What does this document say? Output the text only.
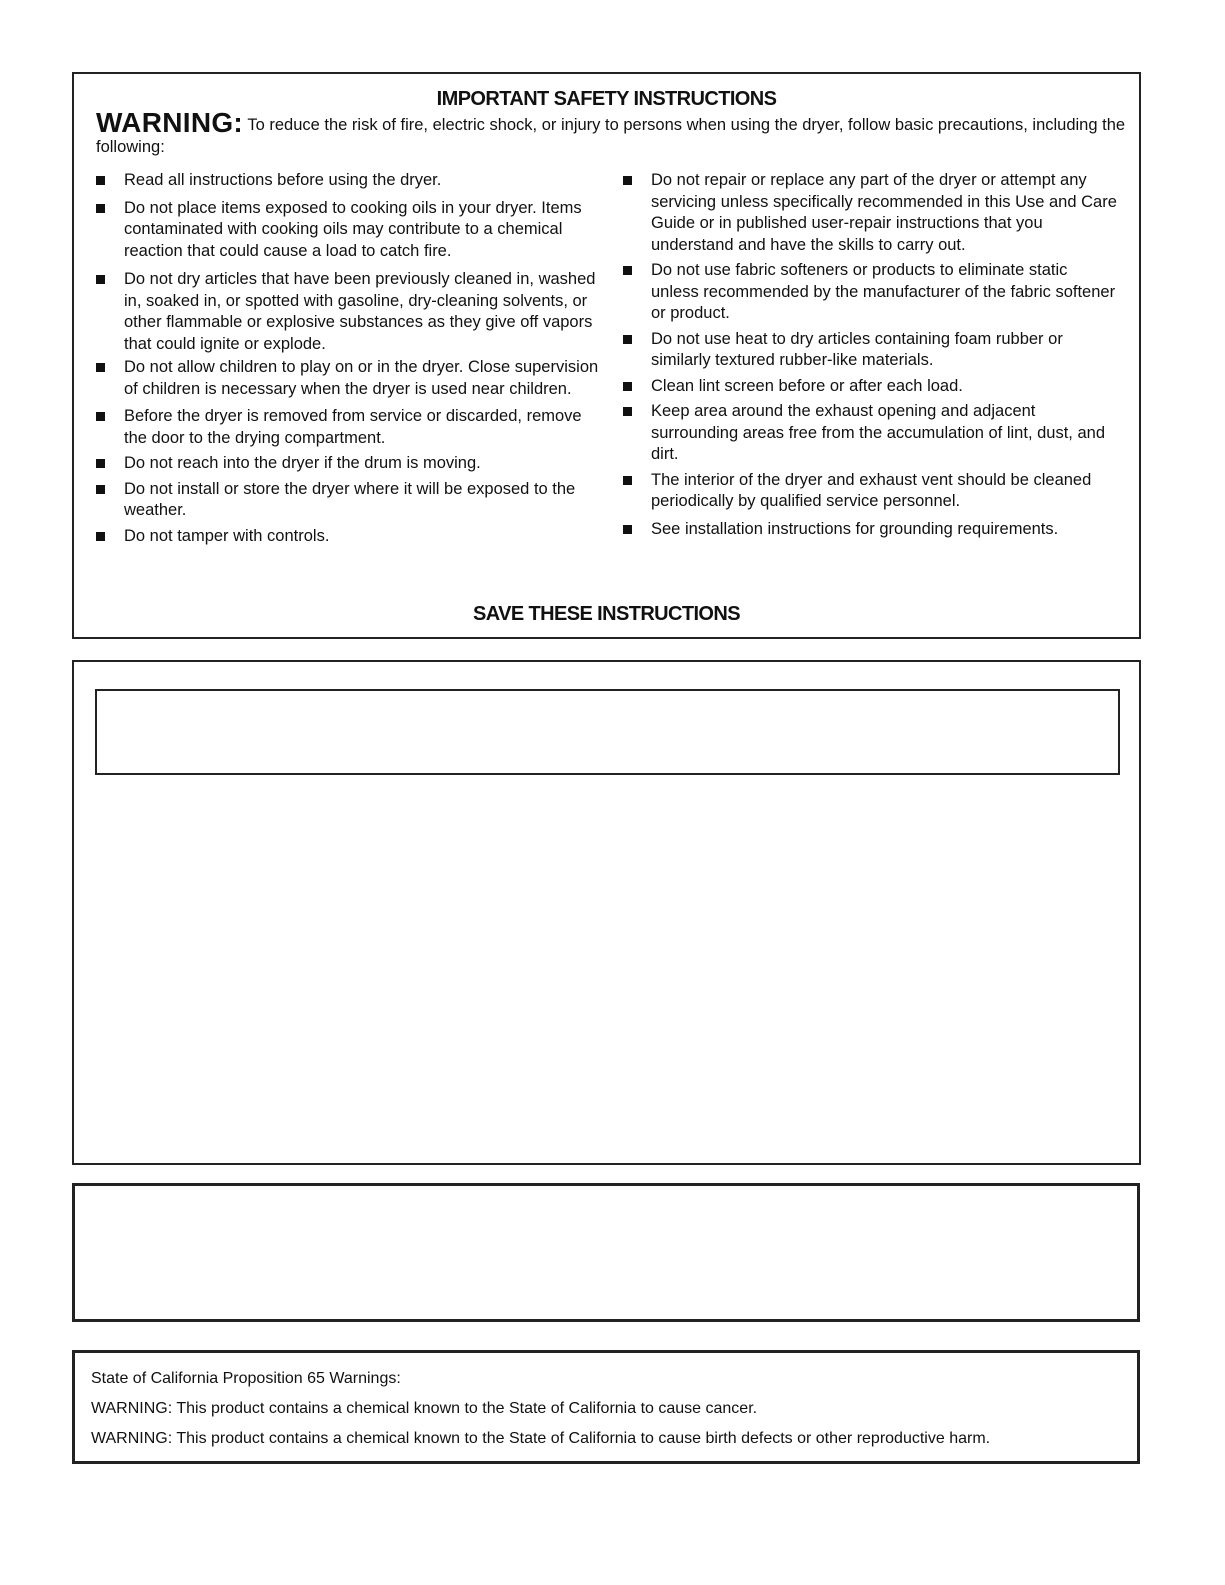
IMPORTANT SAFETY INSTRUCTIONS
WARNING: To reduce the risk of fire, electric shock, or injury to persons when using the dryer, follow basic precautions, including the following:
Read all instructions before using the dryer.
Do not place items exposed to cooking oils in your dryer. Items contaminated with cooking oils may contribute to a chemical reaction that could cause a load to catch fire.
Do not dry articles that have been previously cleaned in, washed in, soaked in, or spotted with gasoline, dry-cleaning solvents, or other flammable or explosive substances as they give off vapors that could ignite or explode.
Do not allow children to play on or in the dryer. Close supervision of children is necessary when the dryer is used near children.
Before the dryer is removed from service or discarded, remove the door to the drying compartment.
Do not reach into the dryer if the drum is moving.
Do not install or store the dryer where it will be exposed to the weather.
Do not tamper with controls.
Do not repair or replace any part of the dryer or attempt any servicing unless specifically recommended in this Use and Care Guide or in published user-repair instructions that you understand and have the skills to carry out.
Do not use fabric softeners or products to eliminate static unless recommended by the manufacturer of the fabric softener or product.
Do not use heat to dry articles containing foam rubber or similarly textured rubber-like materials.
Clean lint screen before or after each load.
Keep area around the exhaust opening and adjacent surrounding areas free from the accumulation of lint, dust, and dirt.
The interior of the dryer and exhaust vent should be cleaned periodically by qualified service personnel.
See installation instructions for grounding requirements.
SAVE THESE INSTRUCTIONS
State of California Proposition 65 Warnings:
WARNING: This product contains a chemical known to the State of California to cause cancer.
WARNING: This product contains a chemical known to the State of California to cause birth defects or other reproductive harm.
